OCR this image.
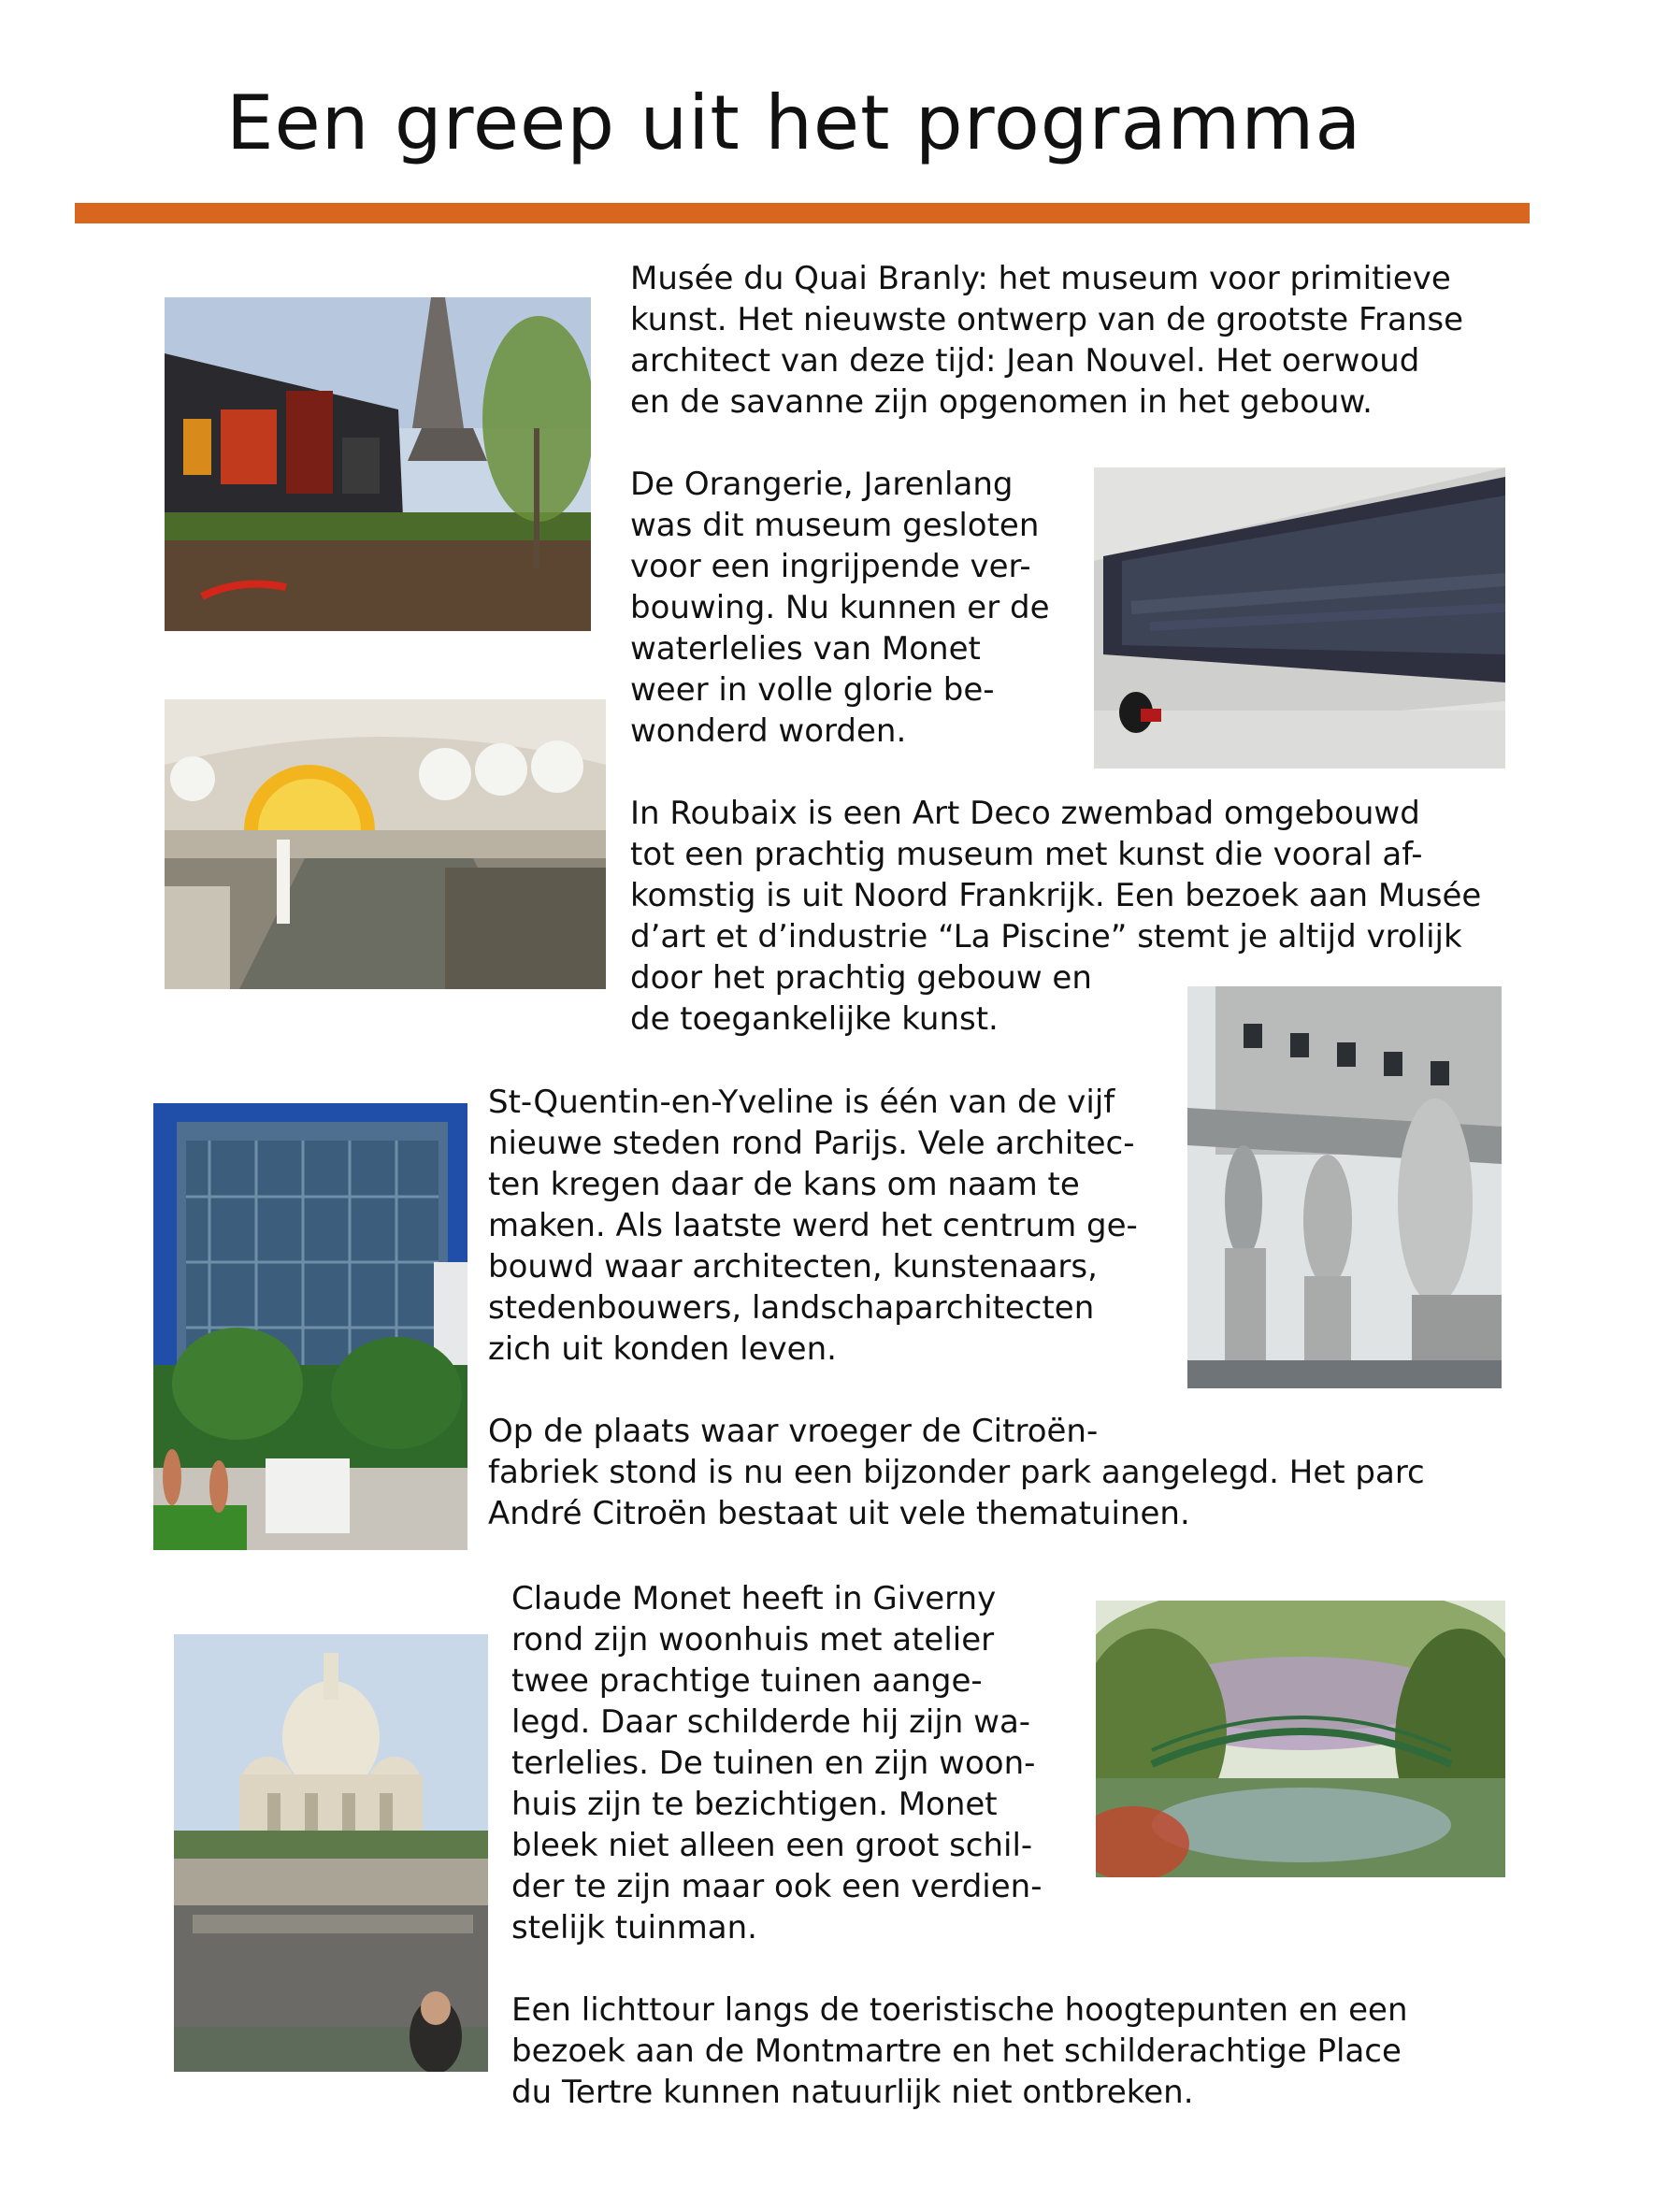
Een greep uit het programma
Musée du Quai Branly: het museum voor primitieve
kunst. Het nieuwste ontwerp van de grootste Franse
architect van deze tijd: Jean Nouvel. Het oerwoud
en de savanne zijn opgenomen in het gebouw.
De Orangerie, Jarenlang
was dit museum gesloten
voor een ingrijpende ver-
bouwing. Nu kunnen er de
waterlelies van Monet
weer in volle glorie be-
wonderd worden.
In Roubaix is een Art Deco zwembad omgebouwd
tot een prachtig museum met kunst die vooral af-
komstig is uit Noord Frankrijk. Een bezoek aan Musée
d’art et d’industrie “La Piscine” stemt je altijd vrolijk
door het prachtig gebouw en
de toegankelijke kunst.
St-Quentin-en-Yveline is één van de vijf
nieuwe steden rond Parijs. Vele architec-
ten kregen daar de kans om naam te
maken. Als laatste werd het centrum ge-
bouwd waar architecten, kunstenaars,
stedenbouwers, landschaparchitecten
zich uit konden leven.
Op de plaats waar vroeger de Citroën-
fabriek stond is nu een bijzonder park aangelegd. Het parc
André Citroën bestaat uit vele thematuinen.
Claude Monet heeft in Giverny
rond zijn woonhuis met atelier
twee prachtige tuinen aange-
legd. Daar schilderde hij zijn wa-
terlelies. De tuinen en zijn woon-
huis zijn te bezichtigen. Monet
bleek niet alleen een groot schil-
der te zijn maar ook een verdien-
stelijk tuinman.
Een lichttour langs de toeristische hoogtepunten en een
bezoek aan de Montmartre en het schilderachtige Place
du Tertre kunnen natuurlijk niet ontbreken.
